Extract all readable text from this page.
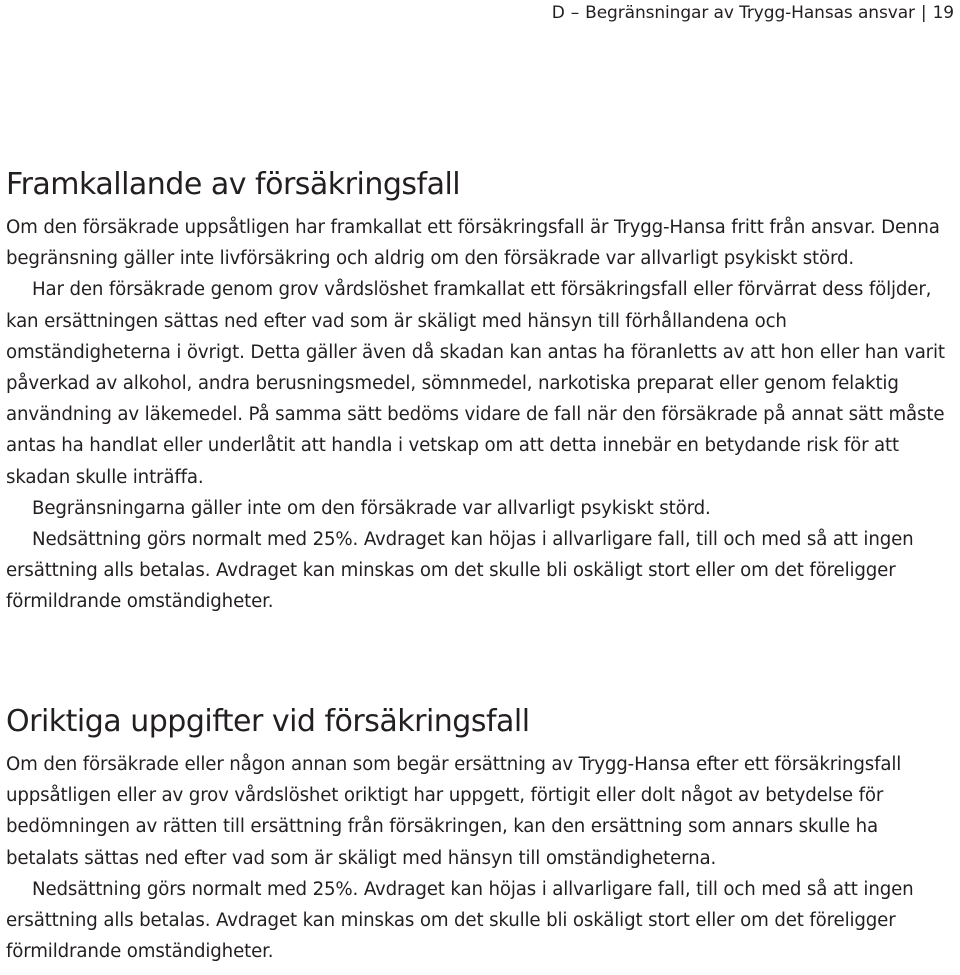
D – Begränsningar av Trygg-Hansas ansvar | 19
Framkallande av försäkringsfall

Om den försäkrade uppsåtligen har framkallat ett försäkringsfall är Trygg-Hansa fritt från ansvar. Denna begränsning gäller inte livförsäkring och aldrig om den försäkrade var allvarligt psykiskt störd.

Har den försäkrade genom grov vårdslöshet framkallat ett försäkringsfall eller förvärrat dess följder, kan ersättningen sättas ned efter vad som är skäligt med hänsyn till förhållandena och omständigheterna i övrigt. Detta gäller även då skadan kan antas ha föranletts av att hon eller han varit påverkad av alkohol, andra berusningsmedel, sömnmedel, narkotiska preparat eller genom felaktig användning av läkemedel. På samma sätt bedöms vidare de fall när den försäkrade på annat sätt måste antas ha handlat eller underlåtit att handla i vetskap om att detta innebär en betydande risk för att skadan skulle inträffa.

Begränsningarna gäller inte om den försäkrade var allvarligt psykiskt störd.

Nedsättning görs normalt med 25%. Avdraget kan höjas i allvarligare fall, till och med så att ingen ersättning alls betalas. Avdraget kan minskas om det skulle bli oskäligt stort eller om det föreligger förmildrande omständigheter.

Oriktiga uppgifter vid försäkringsfall

Om den försäkrade eller någon annan som begär ersättning av Trygg-Hansa efter ett försäkringsfall uppsåtligen eller av grov vårdslöshet oriktigt har uppgett, förtigit eller dolt något av betydelse för bedömningen av rätten till ersättning från försäkringen, kan den ersättning som annars skulle ha betalats sättas ned efter vad som är skäligt med hänsyn till omständigheterna.

Nedsättning görs normalt med 25%. Avdraget kan höjas i allvarligare fall, till och med så att ingen ersättning alls betalas. Avdraget kan minskas om det skulle bli oskäligt stort eller om det föreligger förmildrande omständigheter.
